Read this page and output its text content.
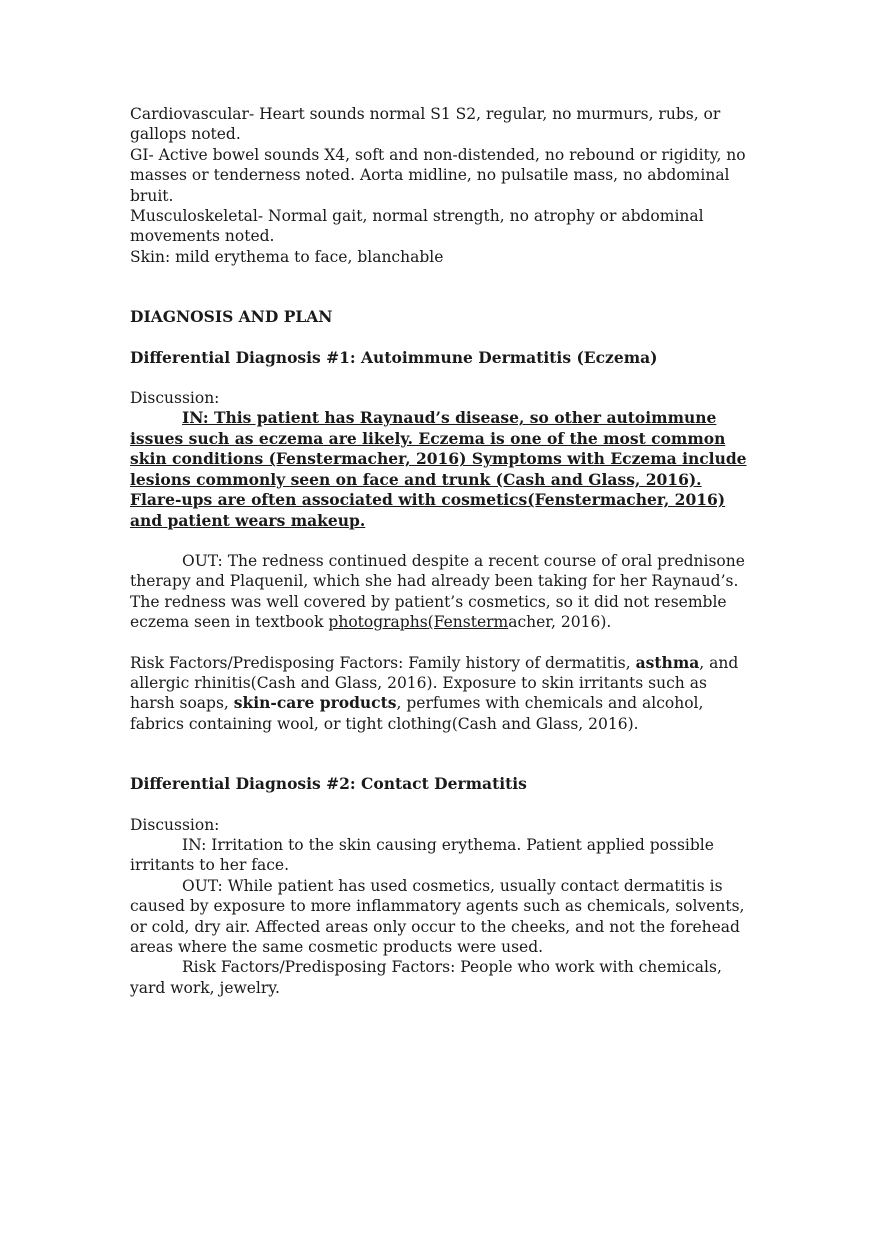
Cardiovascular- Heart sounds normal S1 S2, regular, no murmurs, rubs, or gallops noted.

GI- Active bowel sounds X4, soft and non-distended, no rebound or rigidity, no masses or tenderness noted. Aorta midline, no pulsatile mass, no abdominal bruit.

Musculoskeletal- Normal gait, normal strength, no atrophy or abdominal movements noted.

Skin: mild erythema to face, blanchable

DIAGNOSIS AND PLAN

Differential Diagnosis #1: Autoimmune Dermatitis (Eczema)

Discussion:

IN: This patient has Raynaud’s disease, so other autoimmune issues such as eczema are likely. Eczema is one of the most common skin conditions (Fenstermacher, 2016) Symptoms with Eczema include lesions commonly seen on face and trunk (Cash and Glass, 2016). Flare-ups are often associated with cosmetics(Fenstermacher, 2016) and patient wears makeup.

OUT: The redness continued despite a recent course of oral prednisone therapy and Plaquenil, which she had already been taking for her Raynaud’s. The redness was well covered by patient’s cosmetics, so it did not resemble eczema seen in textbook photographs(Fenstermacher, 2016).

Risk Factors/Predisposing Factors: Family history of dermatitis, asthma, and allergic rhinitis(Cash and Glass, 2016). Exposure to skin irritants such as harsh soaps, skin-care products, perfumes with chemicals and alcohol, fabrics containing wool, or tight clothing(Cash and Glass, 2016).

Differential Diagnosis #2: Contact Dermatitis

Discussion:

IN: Irritation to the skin causing erythema. Patient applied possible irritants to her face.

OUT: While patient has used cosmetics, usually contact dermatitis is caused by exposure to more inflammatory agents such as chemicals, solvents, or cold, dry air. Affected areas only occur to the cheeks, and not the forehead areas where the same cosmetic products were used.

Risk Factors/Predisposing Factors: People who work with chemicals, yard work, jewelry.
